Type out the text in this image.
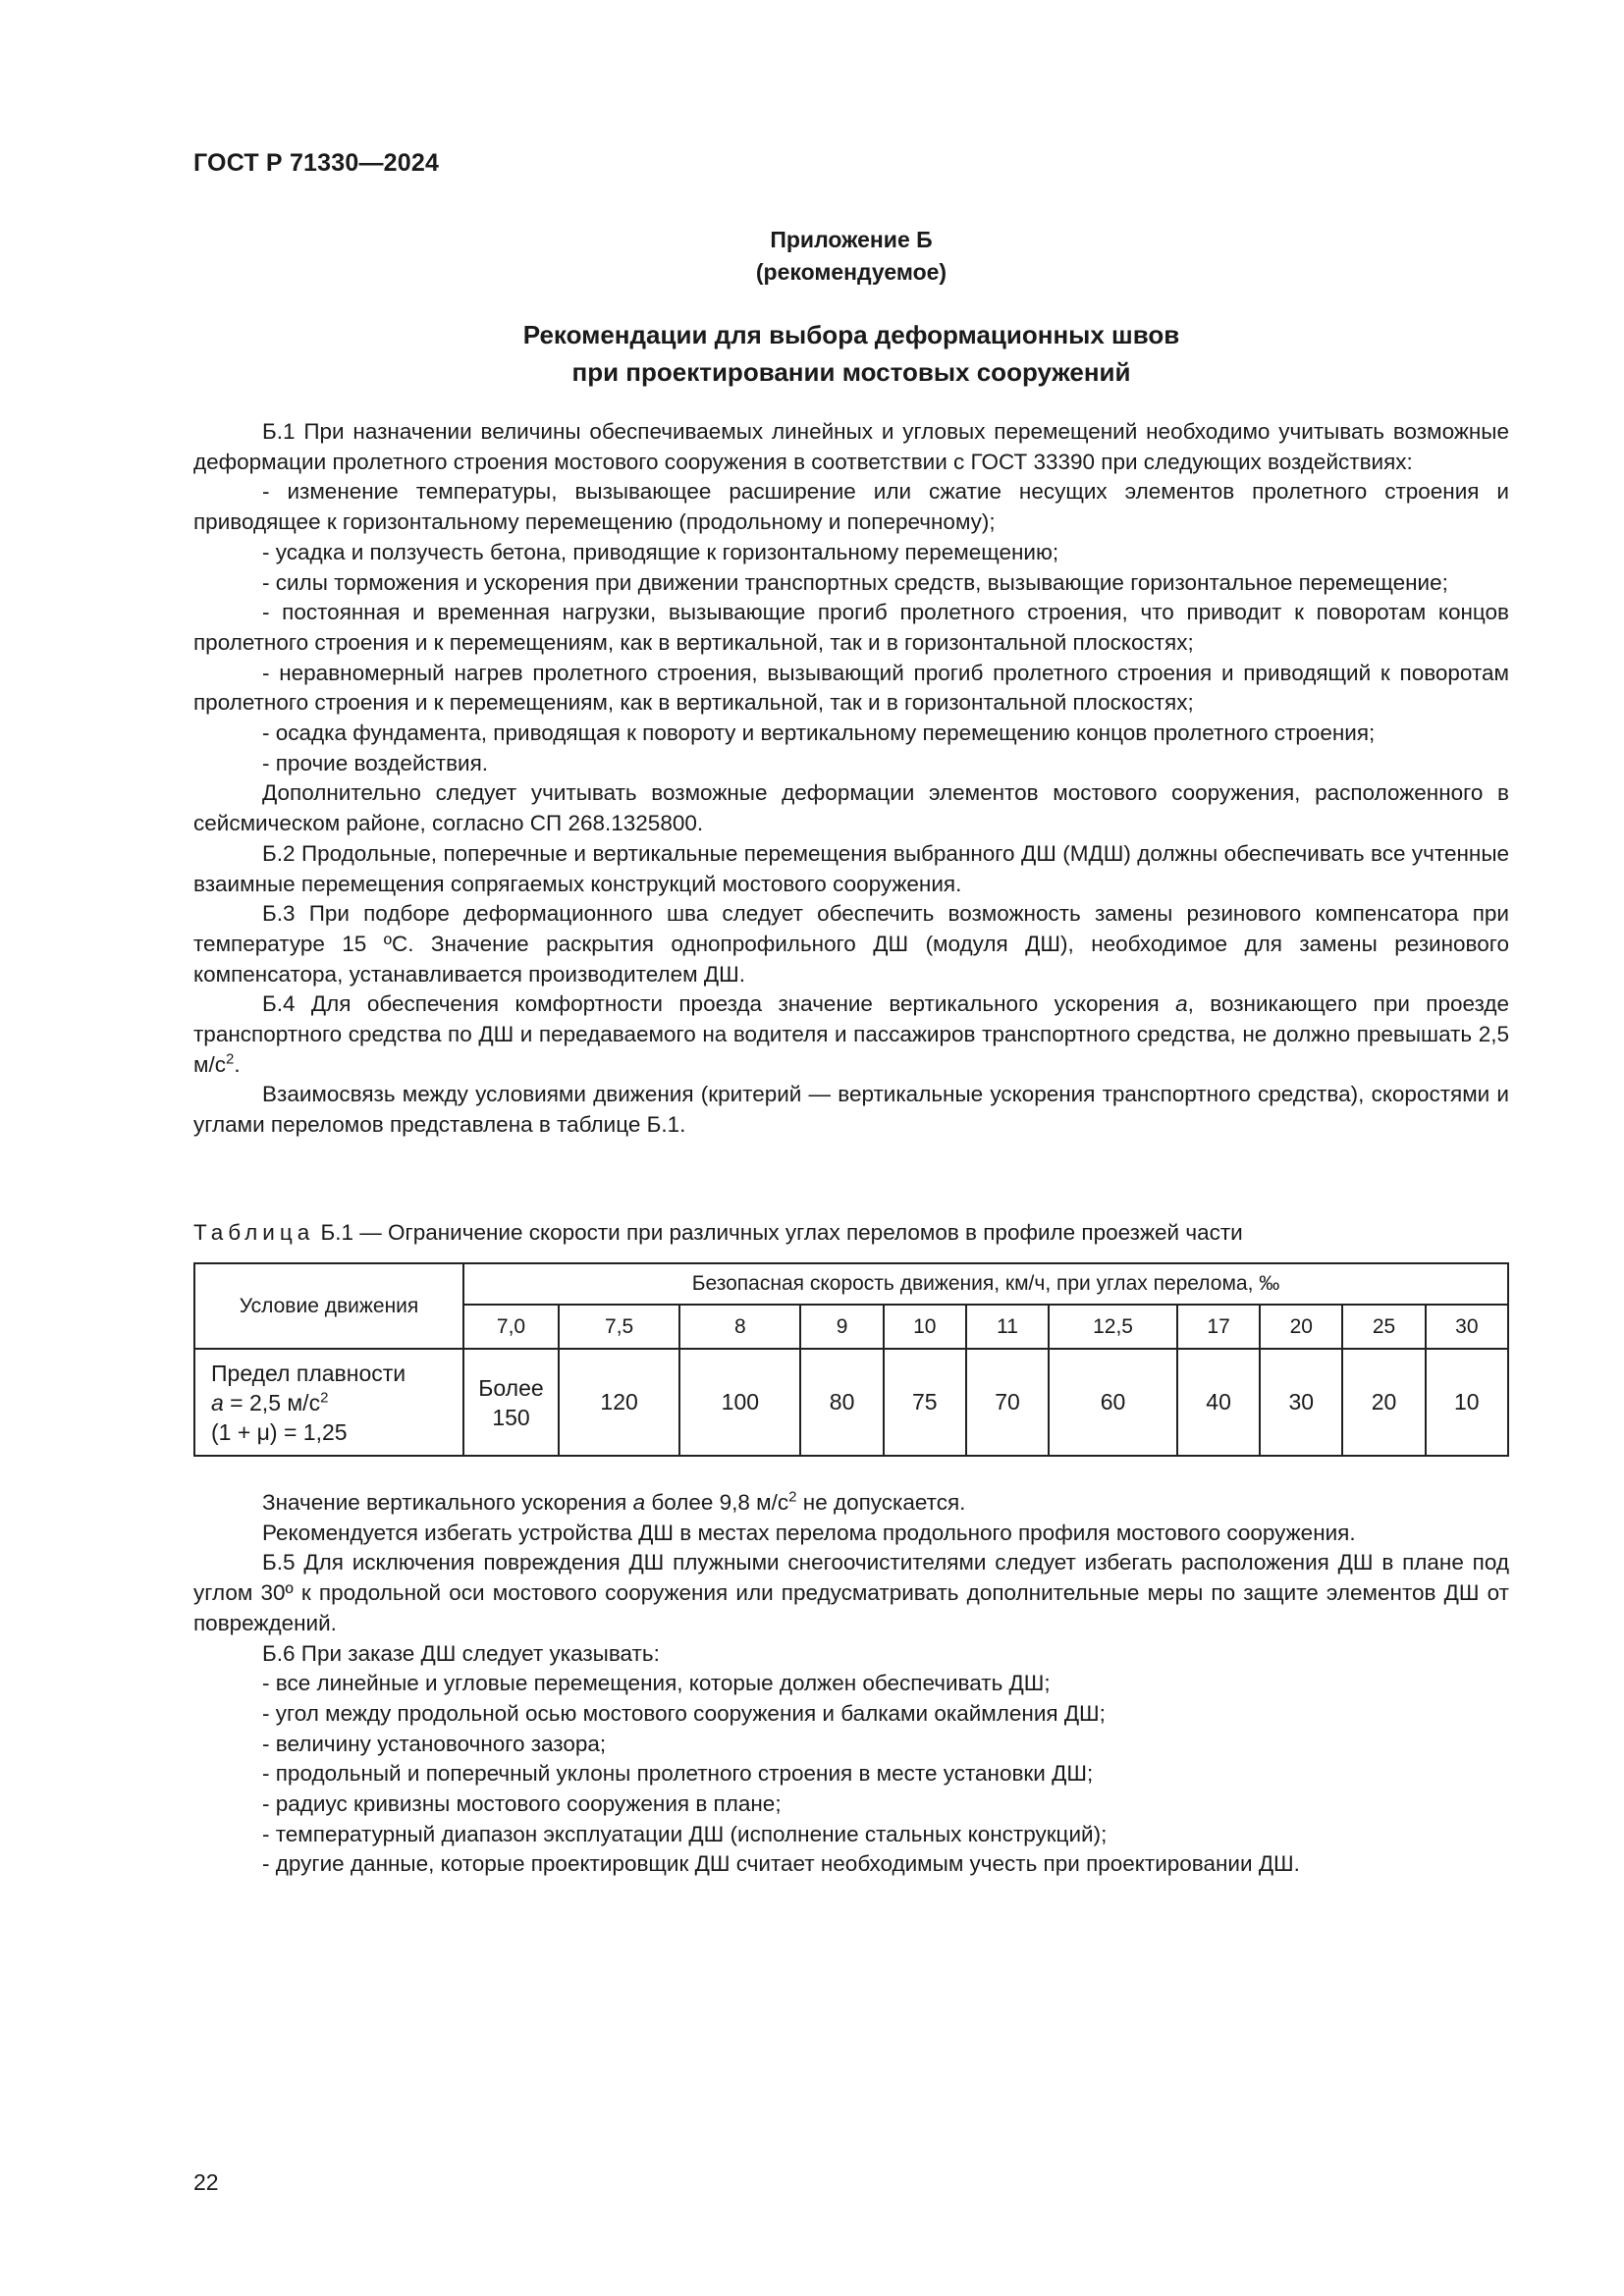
ГОСТ Р 71330—2024
Приложение Б
(рекомендуемое)
Рекомендации для выбора деформационных швов
при проектировании мостовых сооружений

Б.1 При назначении величины обеспечиваемых линейных и угловых перемещений необходимо учитывать возможные деформации пролетного строения мостового сооружения в соответствии с ГОСТ 33390 при следующих воздействиях:

- изменение температуры, вызывающее расширение или сжатие несущих элементов пролетного строения и приводящее к горизонтальному перемещению (продольному и поперечному);

- усадка и ползучесть бетона, приводящие к горизонтальному перемещению;

- силы торможения и ускорения при движении транспортных средств, вызывающие горизонтальное перемещение;

- постоянная и временная нагрузки, вызывающие прогиб пролетного строения, что приводит к поворотам концов пролетного строения и к перемещениям, как в вертикальной, так и в горизонтальной плоскостях;

- неравномерный нагрев пролетного строения, вызывающий прогиб пролетного строения и приводящий к поворотам пролетного строения и к перемещениям, как в вертикальной, так и в горизонтальной плоскостях;

- осадка фундамента, приводящая к повороту и вертикальному перемещению концов пролетного строения;

- прочие воздействия.

Дополнительно следует учитывать возможные деформации элементов мостового сооружения, расположенного в сейсмическом районе, согласно СП 268.1325800.

Б.2 Продольные, поперечные и вертикальные перемещения выбранного ДШ (МДШ) должны обеспечивать все учтенные взаимные перемещения сопрягаемых конструкций мостового сооружения.

Б.3 При подборе деформационного шва следует обеспечить возможность замены резинового компенсатора при температуре 15 ºС. Значение раскрытия однопрофильного ДШ (модуля ДШ), необходимое для замены резинового компенсатора, устанавливается производителем ДШ.

Б.4 Для обеспечения комфортности проезда значение вертикального ускорения a, возникающего при проезде транспортного средства по ДШ и передаваемого на водителя и пассажиров транспортного средства, не должно превышать 2,5 $м/с^2$.

Взаимосвязь между условиями движения (критерий — вертикальные ускорения транспортного средства), скоростями и углами переломов представлена в таблице Б.1.

Таблица Б.1 — Ограничение скорости при различных углах переломов в профиле проезжей части
Условие движения	Безопасная скорость движения, км/ч, при углах перелома, ‰										
	7,0	7,5	8	9	10	11	12,5	17	20	25	30

Предел плавности
a = 2,5 $м/с^2$
(1 + μ) = 1,25	Более 150	120	100	80	75	70	60	40	30	20	10

Значение вертикального ускорения a более 9,8 $м/с^2$ не допускается.

Рекомендуется избегать устройства ДШ в местах перелома продольного профиля мостового сооружения.

Б.5 Для исключения повреждения ДШ плужными снегоочистителями следует избегать расположения ДШ в плане под углом 30º к продольной оси мостового сооружения или предусматривать дополнительные меры по защите элементов ДШ от повреждений.

Б.6 При заказе ДШ следует указывать:

- все линейные и угловые перемещения, которые должен обеспечивать ДШ;

- угол между продольной осью мостового сооружения и балками окаймления ДШ;

- величину установочного зазора;

- продольный и поперечный уклоны пролетного строения в месте установки ДШ;

- радиус кривизны мостового сооружения в плане;

- температурный диапазон эксплуатации ДШ (исполнение стальных конструкций);

- другие данные, которые проектировщик ДШ считает необходимым учесть при проектировании ДШ.

22
